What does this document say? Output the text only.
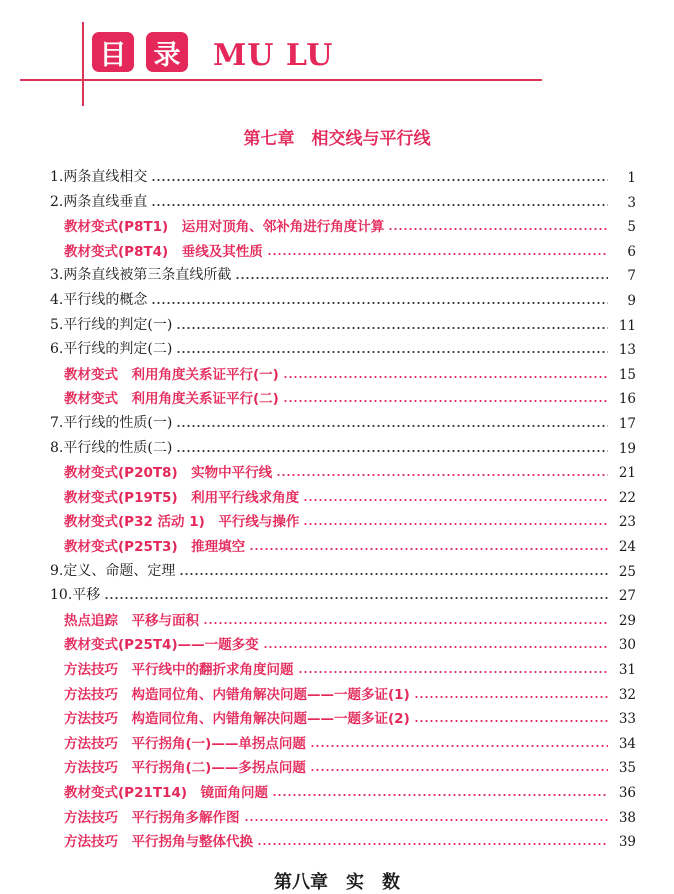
目 录 MU LU
第七章　相交线与平行线
1.两条直线相交	1
2.两条直线垂直	3
教材变式(P8T1)　运用对顶角、邻补角进行角度计算	5
教材变式(P8T4)　垂线及其性质	6
3.两条直线被第三条直线所截	7
4.平行线的概念	9
5.平行线的判定(一)	11
6.平行线的判定(二)	13
教材变式　利用角度关系证平行(一)	15
教材变式　利用角度关系证平行(二)	16
7.平行线的性质(一)	17
8.平行线的性质(二)	19
教材变式(P20T8)　实物中平行线	21
教材变式(P19T5)　利用平行线求角度	22
教材变式(P32 活动 1)　平行线与操作	23
教材变式(P25T3)　推理填空	24
9.定义、命题、定理	25
10.平移	27
热点追踪　平移与面积	29
教材变式(P25T4)——一题多变	30
方法技巧　平行线中的翻折求角度问题	31
方法技巧　构造同位角、内错角解决问题——一题多证(1)	32
方法技巧　构造同位角、内错角解决问题——一题多证(2)	33
方法技巧　平行拐角(一)——单拐点问题	34
方法技巧　平行拐角(二)——多拐点问题	35
教材变式(P21T14)　镜面角问题	36
方法技巧　平行拐角多解作图	38
方法技巧　平行拐角与整体代换	39
第八章　实　数
